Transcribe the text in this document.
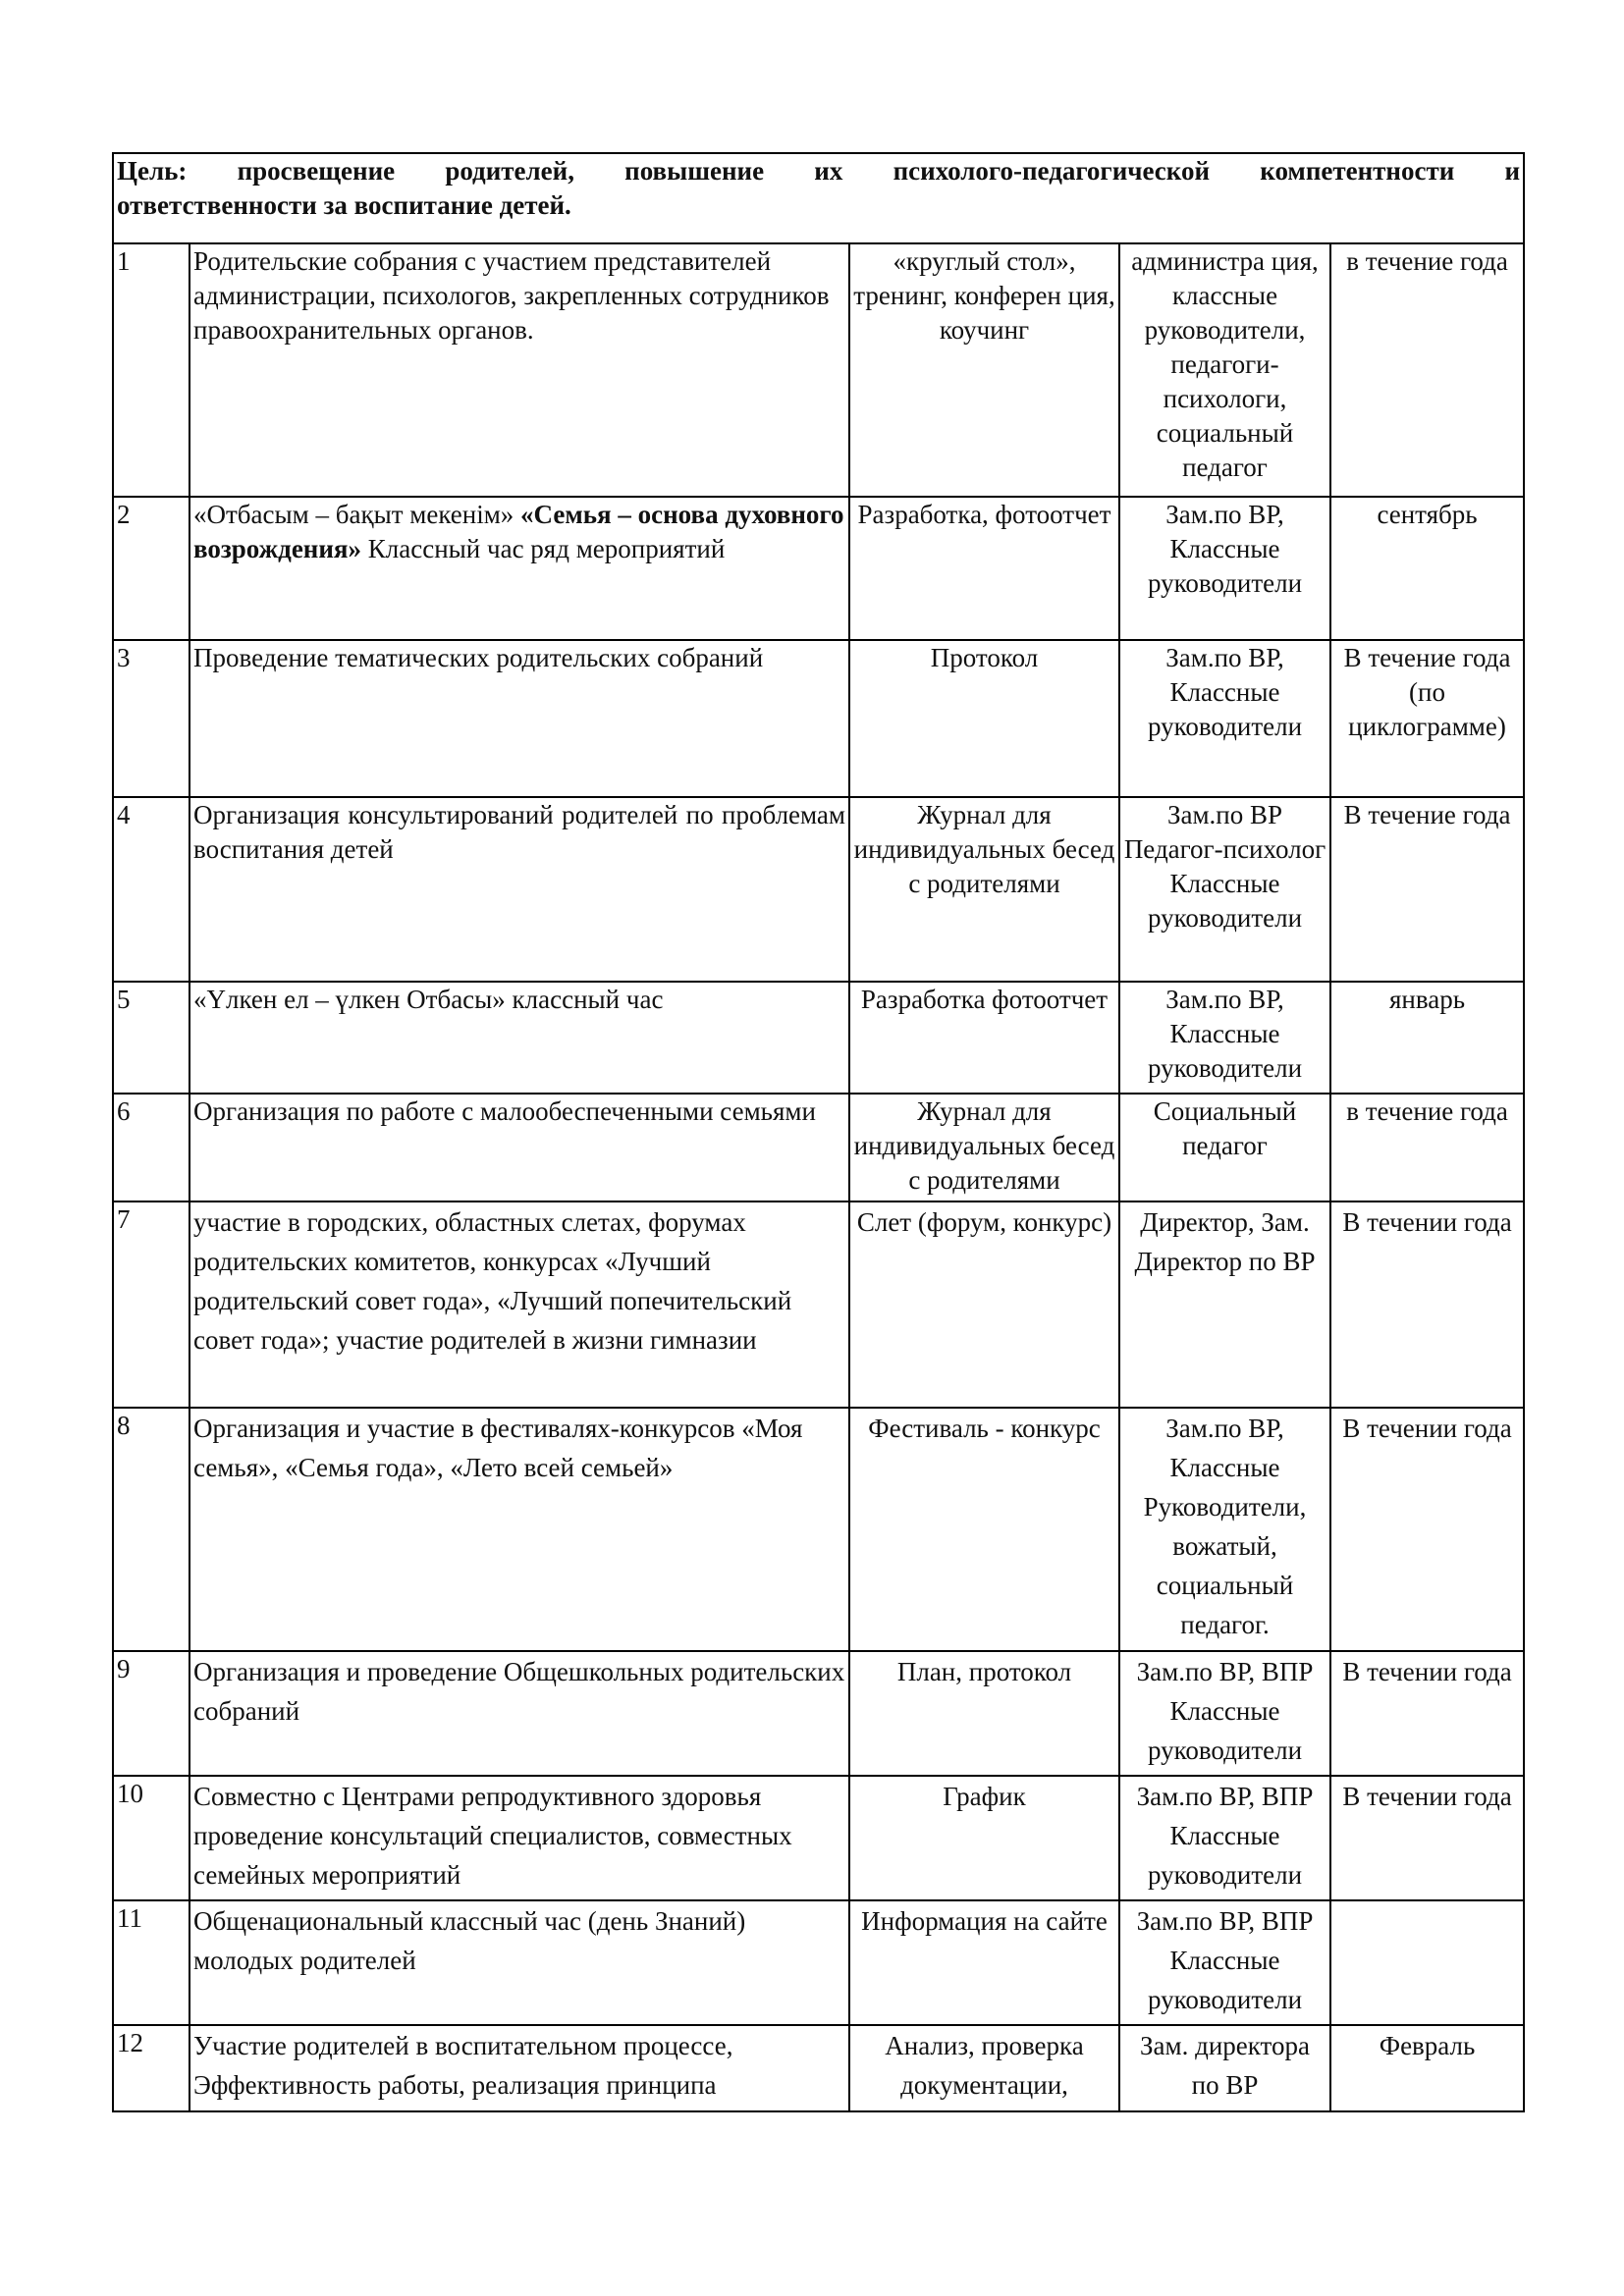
Цель: просвещение родителей, повышение их психолого-педагогической компетентности и
ответственности за воспитание детей.				
1	Родительские собрания с участием представителей администрации, психологов, закрепленных сотрудников правоохранительных органов.	«круглый стол», тренинг, конферен ция, коучинг	админиcтра ция, классные руководители, педагоги-психологи, социальный педагог	в течение года
2	«Отбасым – бақыт мекенім» «Семья – основа духовного возрождения» Классный час ряд мероприятий	Разработка, фотоотчет	Зам.по ВР, Классные руководители	сентябрь
3	Проведение тематических родительских собраний	Протокол	Зам.по ВР, Классные руководители	В течение года (по циклограмме)
4	Организация консультирований родителей по проблемам воспитания детей	Журнал для индивидуальных бесед с родителями	Зам.по ВР Педагог-психолог Классные руководители	В течение года
5	«Үлкен ел – үлкен Отбасы» классный час	Разработка фотоотчет	Зам.по ВР, Классные руководители	январь
6	Организация по работе с малообеспеченными семьями	Журнал для индивидуальных бесед с родителями	Социальный педагог	в течение года
7	участие в городских, областных слетах, форумах родительских комитетов, конкурсах «Лучший родительский совет года», «Лучший попечительский совет года»; участие родителей в жизни гимназии	Слет (форум, конкурс)	Директор, Зам. Директор по ВР	В течении года
8	Организация и участие в фестивалях-конкурсов «Моя семья», «Семья года», «Лето всей семьей»	Фестиваль - конкурс	Зам.по ВР, Классные Руководители, вожатый, социальный педагог.	В течении года
9	Организация и проведение Общешкольных родительских собраний	План, протокол	Зам.по ВР, ВПР Классные руководители	В течении года
10	Совместно с Центрами репродуктивного здоровья проведение консультаций специалистов, совместных семейных мероприятий	График	Зам.по ВР, ВПР Классные руководители	В течении года
11	Общенациональный классный час (день Знаний) молодых родителей	Информация на сайте	Зам.по ВР, ВПР Классные руководители	
12	Участие родителей в воспитательном процессе, Эффективность работы, реализация принципа	Анализ, проверка документации,	Зам. директора по ВР	Февраль
